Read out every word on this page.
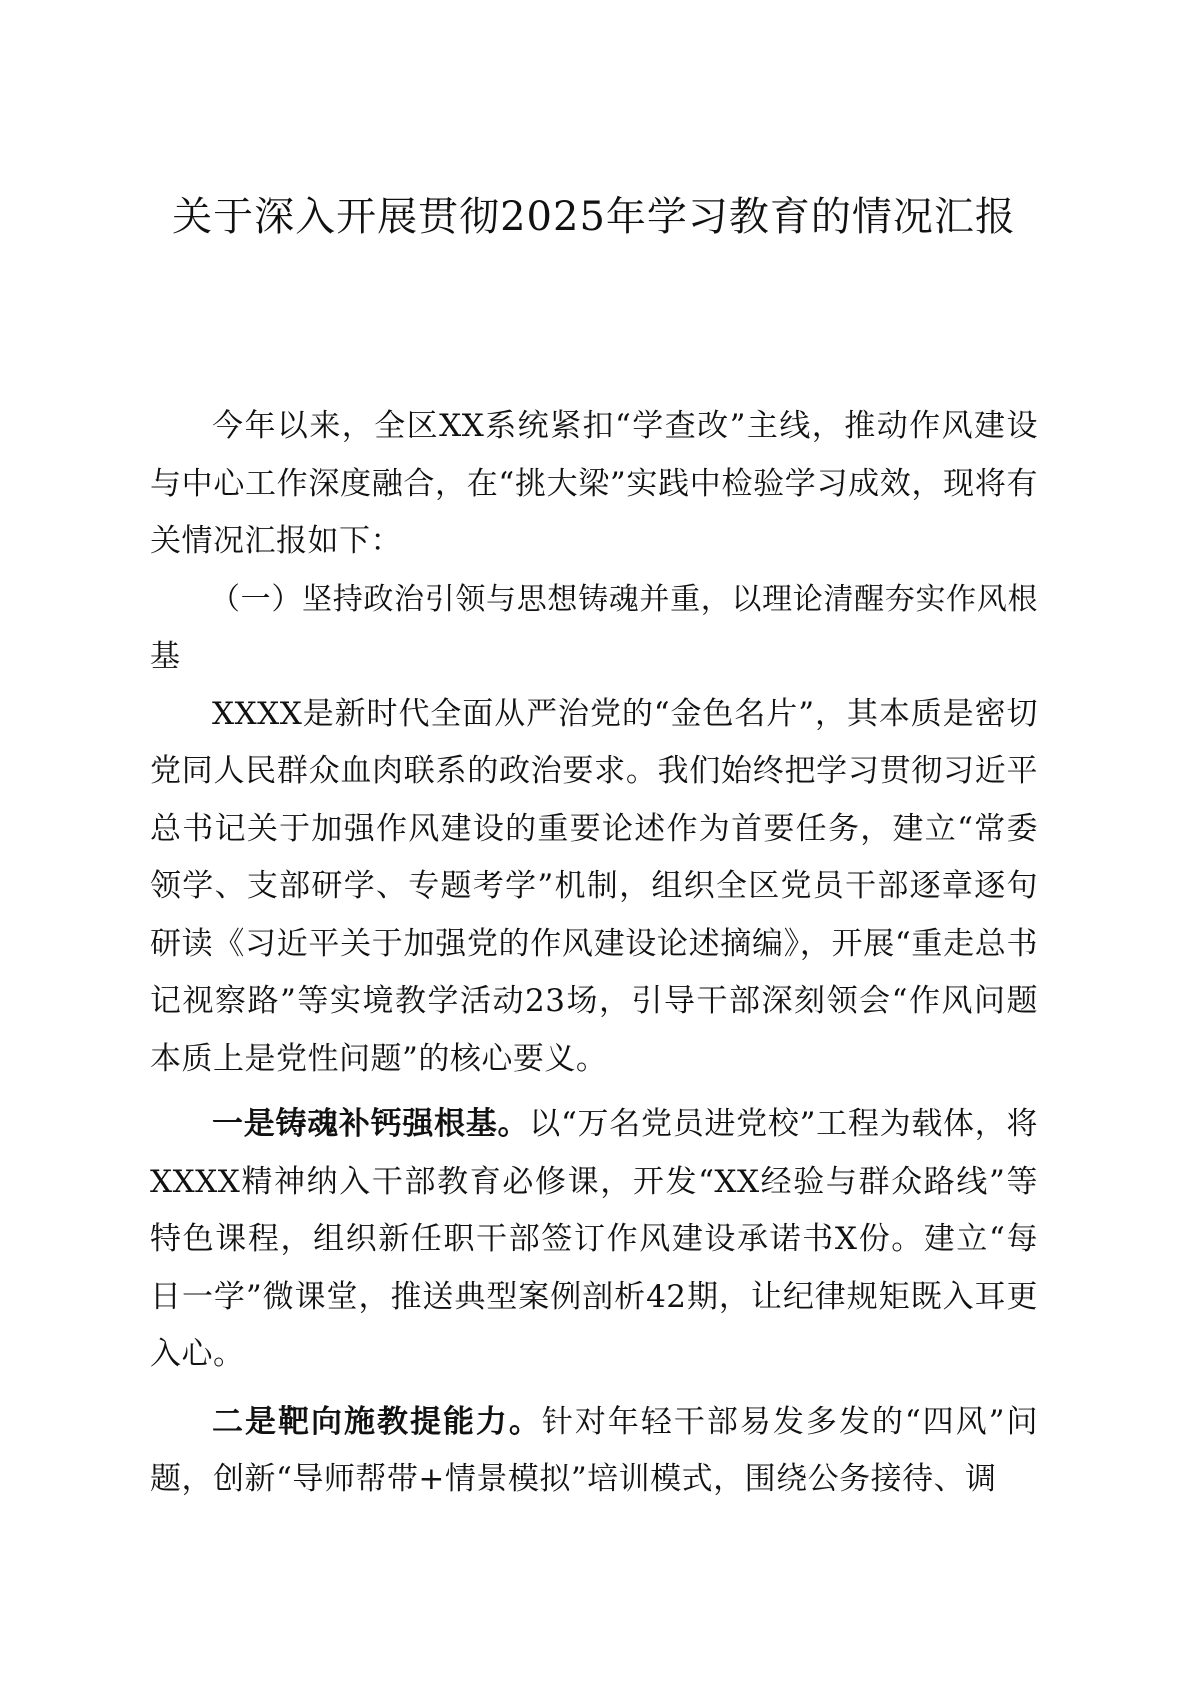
关于深入开展贯彻2025年学习教育的情况汇报

今年以来，全区XX系统紧扣“学查改”主线，推动作风建设与中心工作深度融合，在“挑大梁”实践中检验学习成效，现将有关情况汇报如下：

（一）坚持政治引领与思想铸魂并重，以理论清醒夯实作风根基

XXXX是新时代全面从严治党的“金色名片”，其本质是密切党同人民群众血肉联系的政治要求。我们始终把学习贯彻习近平总书记关于加强作风建设的重要论述作为首要任务，建立“常委领学、支部研学、专题考学”机制，组织全区党员干部逐章逐句研读《习近平关于加强党的作风建设论述摘编》，开展“重走总书记视察路”等实境教学活动23场，引导干部深刻领会“作风问题本质上是党性问题”的核心要义。

一是铸魂补钙强根基。以“万名党员进党校”工程为载体，将XXXX精神纳入干部教育必修课，开发“XX经验与群众路线”等特色课程，组织新任职干部签订作风建设承诺书X份。建立“每日一学”微课堂，推送典型案例剖析42期，让纪律规矩既入耳更入心。

二是靶向施教提能力。针对年轻干部易发多发的“四风”问题，创新“导师帮带+情景模拟”培训模式，围绕公务接待、调
